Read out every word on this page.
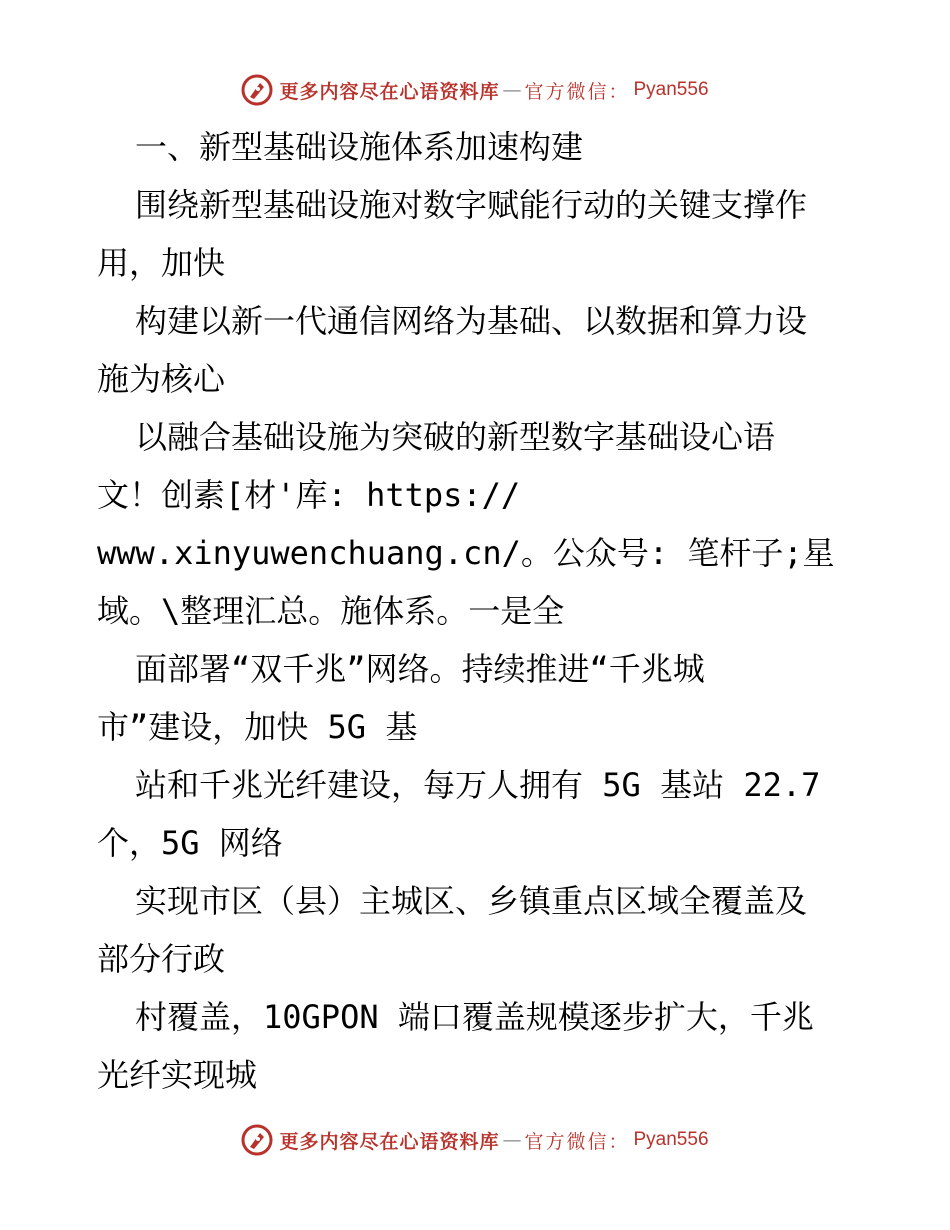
更多内容尽在心语资料库 — 官方微信： Pyan556
一、新型基础设施体系加速构建
围绕新型基础设施对数字赋能行动的关键支撑作
用，加快
构建以新一代通信网络为基础、以数据和算力设
施为核心
以融合基础设施为突破的新型数字基础设心语
文！创素[材'库: https://
www.xinyuwenchuang.cn/。公众号: 笔杆子;星
域。\整理汇总。施体系。一是全
面部署“双千兆”网络。持续推进“千兆城
市”建设，加快 5G 基
站和千兆光纤建设，每万人拥有 5G 基站 22.7
个，5G 网络
实现市区（县）主城区、乡镇重点区域全覆盖及
部分行政
村覆盖，10GPON 端口覆盖规模逐步扩大，千兆
光纤实现城
更多内容尽在心语资料库 — 官方微信： Pyan556
